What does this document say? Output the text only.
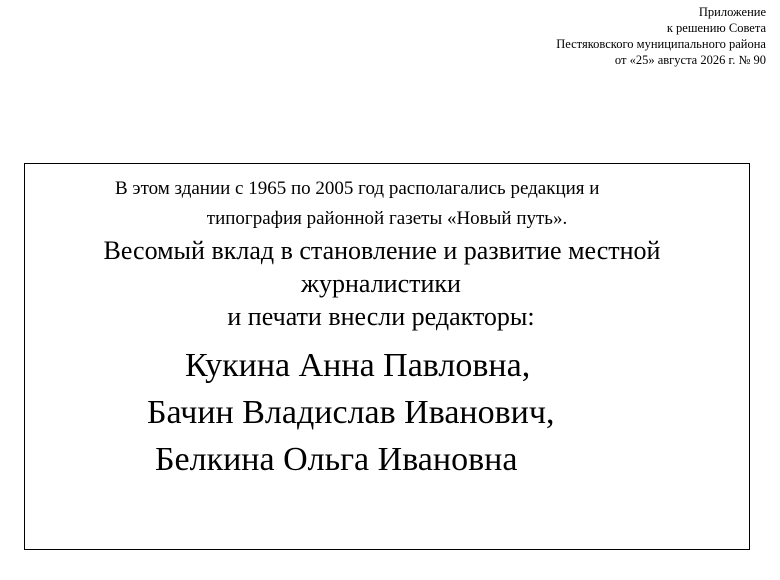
Приложение
к решению Совета
Пестяковского муниципального района
от «25» августа 2026 г. № 90
В этом здании с 1965 по 2005 год располагались редакция и
типография районной газеты «Новый путь».
Весомый вклад в становление и развитие местной
журналистики
и печати внесли редакторы:
Кукина Анна Павловна,
Бачин Владислав Иванович,
Белкина Ольга Ивановна
